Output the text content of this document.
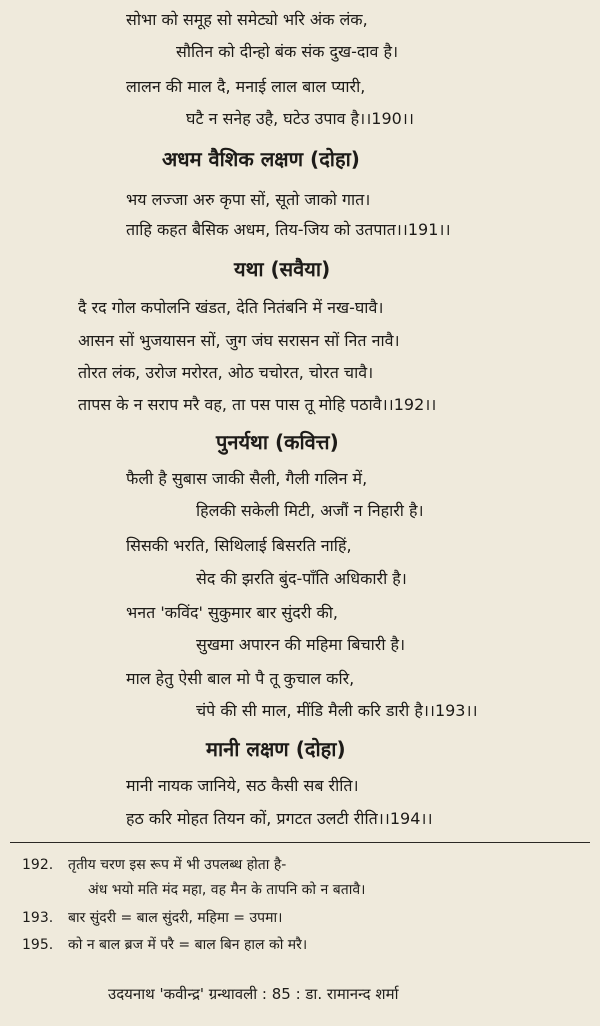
सोभा को समूह सो समेट्यो भरि अंक लंक,
सौतिन को दीन्हो बंक संक दुख-दाव है।
लालन की माल दै, मनाई लाल बाल प्यारी,
घटै न सनेह उहै, घटेउ उपाव है।।190।।
अधम वैशिक लक्षण (दोहा)
भय लज्जा अरु कृपा सों, सूतो जाको गात।
ताहि कहत बैसिक अधम, तिय-जिय को उतपात।।191।।
यथा (सवैया)
दै रद गोल कपोलनि खंडत, देति नितंबनि में नख-घावै।
आसन सों भुजयासन सों, जुग जंघ सरासन सों नित नावै।
तोरत लंक, उरोज मरोरत, ओठ चचोरत, चोरत चावै।
तापस के न सराप मरै वह, ता पस पास तू मोहि पठावै।।192।।
पुनर्यथा (कवित्त)
फैली है सुबास जाकी सैली, गैली गलिन में,
हिलकी सकेली मिटी, अजौं न निहारी है।
सिसकी भरति, सिथिलाई बिसरति नाहिं,
सेद की झरति बुंद-पाँति अधिकारी है।
भनत 'कविंद' सुकुमार बार सुंदरी की,
सुखमा अपारन की महिमा बिचारी है।
माल हेतु ऐसी बाल मो पै तू कुचाल करि,
चंपे की सी माल, मींडि मैली करि डारी है।।193।।
मानी लक्षण (दोहा)
मानी नायक जानिये, सठ कैसी सब रीति।
हठ करि मोहत तियन कों, प्रगटत उलटी रीति।।194।।
192. तृतीय चरण इस रूप में भी उपलब्ध होता है-
अंध भयो मति मंद महा, वह मैन के तापनि को न बतावै।
193. बार सुंदरी = बाल सुंदरी, महिमा = उपमा।
195. को न बाल ब्रज में परै = बाल बिन हाल को मरै।
उदयनाथ 'कवीन्द्र' ग्रन्थावली : 85 : डा. रामानन्द शर्मा
